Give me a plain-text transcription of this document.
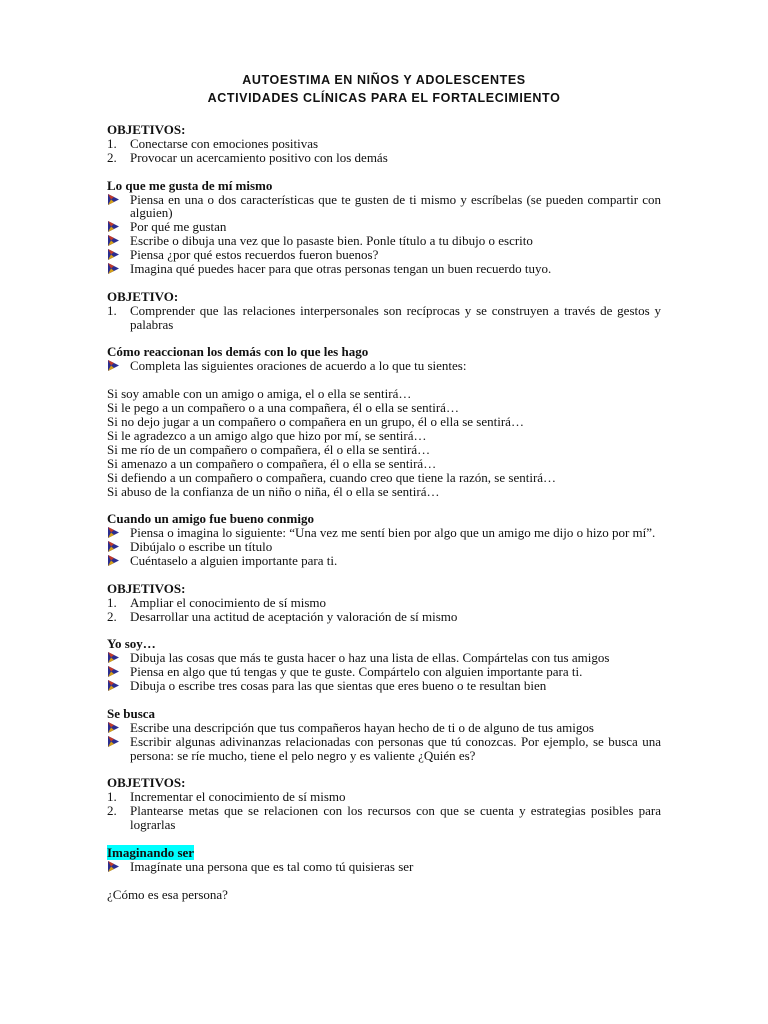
AUTOESTIMA EN NIÑOS Y ADOLESCENTES
ACTIVIDADES CLÍNICAS PARA EL FORTALECIMIENTO
OBJETIVOS:
1. Conectarse con emociones positivas
2. Provocar un acercamiento positivo con los demás
Lo que me gusta de mí mismo
Piensa en una o dos características que te gusten de ti mismo y escríbelas (se pueden compartir con alguien)
Por qué me gustan
Escribe o dibuja una vez que lo pasaste bien. Ponle título a tu dibujo o escrito
Piensa ¿por qué estos recuerdos fueron buenos?
Imagina qué puedes hacer para que otras personas tengan un buen recuerdo tuyo.
OBJETIVO:
1. Comprender que las relaciones interpersonales son recíprocas y se construyen a través de gestos y palabras
Cómo reaccionan los demás con lo que les hago
Completa las siguientes oraciones de acuerdo a lo que tu sientes:
Si soy amable con un amigo o amiga, el o ella se sentirá…
Si le pego a un compañero o a una compañera, él o ella se sentirá…
Si no dejo jugar a un compañero o compañera en un grupo, él o ella se sentirá…
Si le agradezco a un amigo algo que hizo por mí, se sentirá…
Si me río de un compañero o compañera, él o ella se sentirá…
Si amenazo a un compañero o compañera, él o ella se sentirá…
Si defiendo a un compañero o compañera, cuando creo que tiene la razón, se sentirá…
Si abuso de la confianza de un niño o niña, él o ella se sentirá…
Cuando un amigo fue bueno conmigo
Piensa o imagina lo siguiente: “Una vez me sentí bien por algo que un amigo me dijo o hizo por mí”.
Dibújalo o escribe un título
Cuéntaselo a alguien importante para ti.
OBJETIVOS:
1. Ampliar el conocimiento de sí mismo
2. Desarrollar una actitud de aceptación y valoración de sí mismo
Yo soy…
Dibuja las cosas que más te gusta hacer o haz una lista de ellas. Compártelas con tus amigos
Piensa en algo que tú tengas y que te guste. Compártelo con alguien importante para ti.
Dibuja o escribe tres cosas para las que sientas que eres bueno o te resultan bien
Se busca
Escribe una descripción que tus compañeros hayan hecho de ti o de alguno de tus amigos
Escribir algunas adivinanzas relacionadas con personas que tú conozcas. Por ejemplo, se busca una persona: se ríe mucho, tiene el pelo negro y es valiente ¿Quién es?
OBJETIVOS:
1. Incrementar el conocimiento de sí mismo
2. Plantearse metas que se relacionen con los recursos con que se cuenta y estrategias posibles para lograrlas
Imaginando ser
Imagínate una persona que es tal como tú quisieras ser
¿Cómo es esa persona?
